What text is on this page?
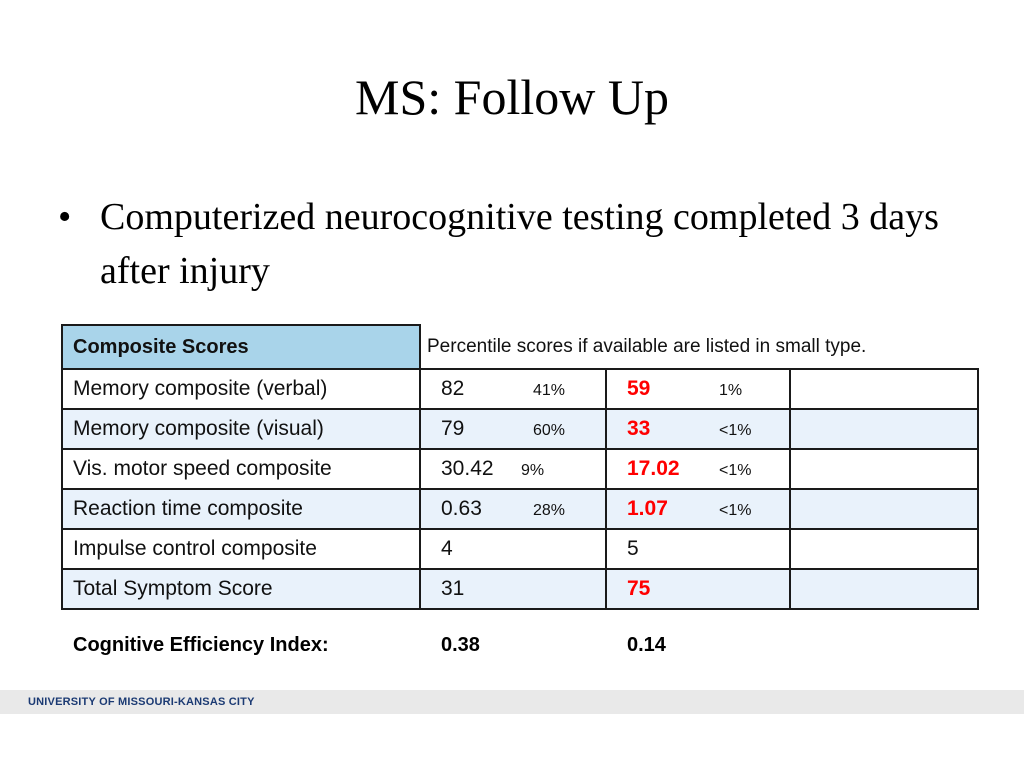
MS: Follow Up
• Computerized neurocognitive testing completed 3 days after injury
Composite Scores	Percentile scores if available are listed in small type.		
Memory composite (verbal)	82 41%	59 1%	
Memory composite (visual)	79 60%	33 <1%	
Vis. motor speed composite	30.42 9%	17.02 <1%	
Reaction time composite	0.63 28%	1.07 <1%	
Impulse control composite	4	5	
Total Symptom Score	31	75	
Cognitive Efficiency Index:	0.38	0.14
UNIVERSITY OF MISSOURI-KANSAS CITY
